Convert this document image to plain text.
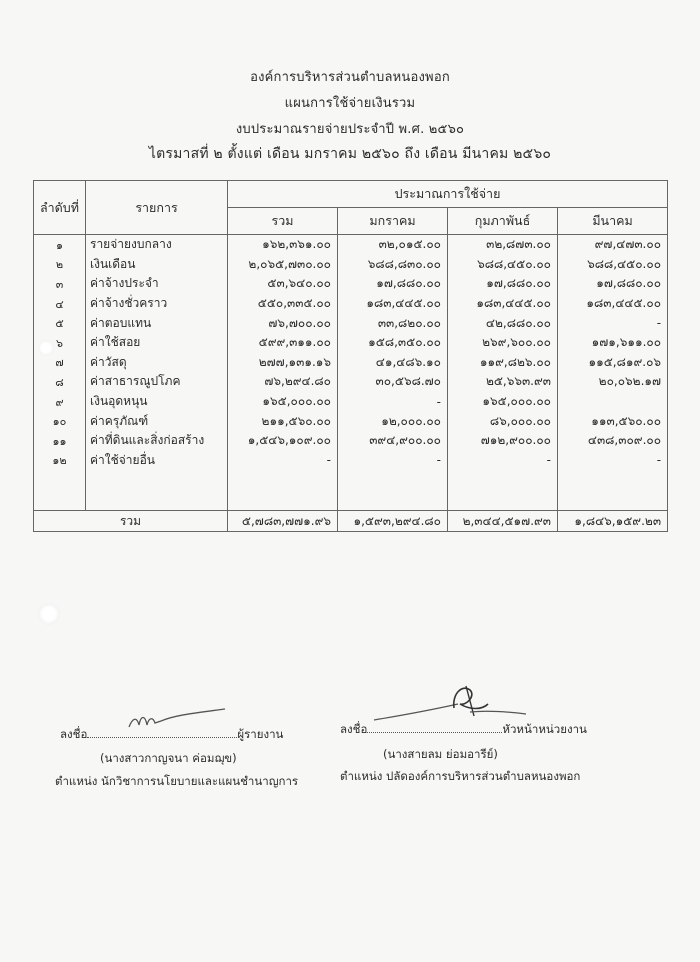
องค์การบริหารส่วนตำบลหนองพอก
แผนการใช้จ่ายเงินรวม
งบประมาณรายจ่ายประจำปี พ.ศ. ๒๕๖๐
ไตรมาสที่ ๒ ตั้งแต่ เดือน มกราคม ๒๕๖๐ ถึง เดือน มีนาคม ๒๕๖๐
ลำดับที่	รายการ	ประมาณการใช้จ่าย			
		รวม	มกราคม	กุมภาพันธ์	มีนาคม
๑	รายจ่ายงบกลาง	๑๖๒,๓๖๑.๐๐	๓๒,๐๑๕.๐๐	๓๒,๘๗๓.๐๐	๙๗,๔๗๓.๐๐
๒	เงินเดือน	๒,๐๖๕,๗๓๐.๐๐	๖๘๘,๘๓๐.๐๐	๖๘๘,๔๕๐.๐๐	๖๘๘,๔๕๐.๐๐
๓	ค่าจ้างประจำ	๕๓,๖๔๐.๐๐	๑๗,๘๘๐.๐๐	๑๗,๘๘๐.๐๐	๑๗,๘๘๐.๐๐
๔	ค่าจ้างชั่วคราว	๕๕๐,๓๓๕.๐๐	๑๘๓,๔๔๕.๐๐	๑๘๓,๔๔๕.๐๐	๑๘๓,๔๔๕.๐๐
๕	ค่าตอบแทน	๗๖,๗๐๐.๐๐	๓๓,๘๒๐.๐๐	๔๒,๘๘๐.๐๐	-
๖	ค่าใช้สอย	๕๙๙,๓๑๑.๐๐	๑๕๘,๓๕๐.๐๐	๒๖๙,๖๐๐.๐๐	๑๗๑,๖๑๑.๐๐
๗	ค่าวัสดุ	๒๗๗,๑๓๑.๑๖	๔๑,๔๘๖.๑๐	๑๑๙,๘๒๖.๐๐	๑๑๕,๘๑๙.๐๖
๘	ค่าสาธารณูปโภค	๗๖,๒๙๔.๘๐	๓๐,๕๖๘.๗๐	๒๕,๖๖๓.๙๓	๒๐,๐๖๒.๑๗
๙	เงินอุดหนุน	๑๖๕,๐๐๐.๐๐	-	๑๖๕,๐๐๐.๐๐	
๑๐	ค่าครุภัณฑ์	๒๑๑,๕๖๐.๐๐	๑๒,๐๐๐.๐๐	๘๖,๐๐๐.๐๐	๑๑๓,๕๖๐.๐๐
๑๑	ค่าที่ดินและสิ่งก่อสร้าง	๑,๕๔๖,๑๐๙.๐๐	๓๙๔,๙๐๐.๐๐	๗๑๒,๙๐๐.๐๐	๔๓๘,๓๐๙.๐๐
๑๒	ค่าใช้จ่ายอื่น	-	-	-	-

รวม		๕,๗๘๓,๗๗๑.๙๖	๑,๕๙๓,๒๙๔.๘๐	๒,๓๔๔,๕๑๗.๙๓	๑,๘๔๖,๑๕๙.๒๓
ลงชื่อ	ผู้รายงาน
(นางสาวกาญจนา ค่อมฌุข)
ตำแหน่ง นักวิชาการนโยบายและแผนชำนาญการ
ลงชื่อ	หัวหน้าหน่วยงาน
(นางสายลม ย่อมอารีย์)
ตำแหน่ง ปลัดองค์การบริหารส่วนตำบลหนองพอก
